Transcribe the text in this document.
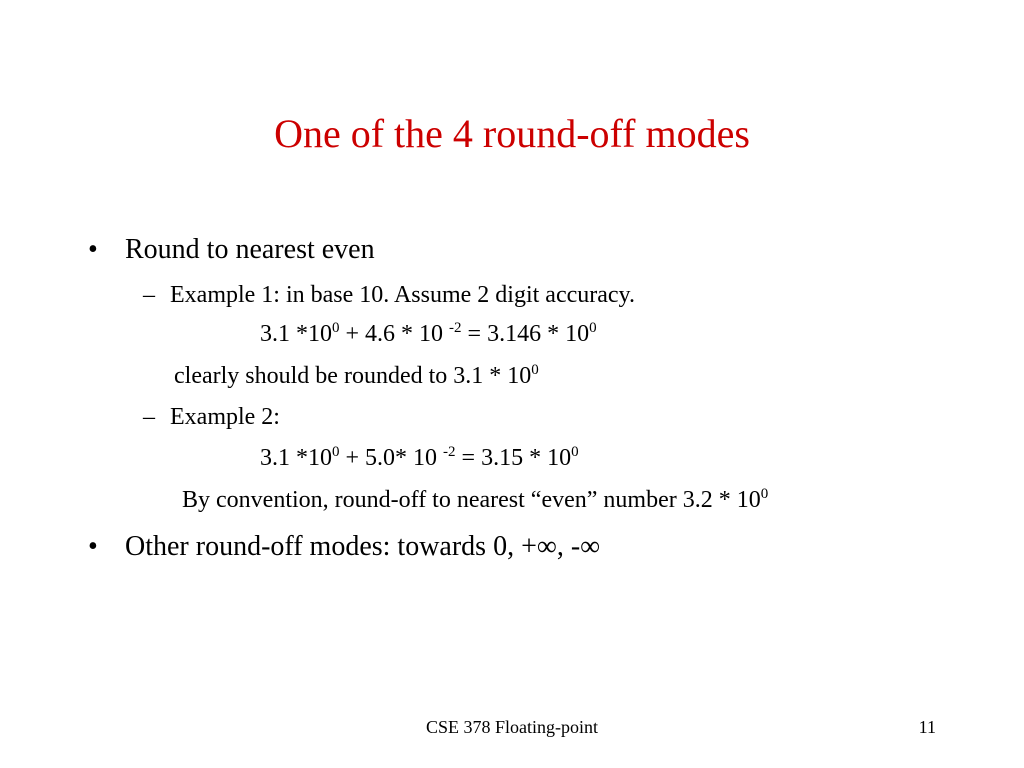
One of the 4 round-off modes
• Round to nearest even
– Example 1: in base 10. Assume 2 digit accuracy.
3.1 $*10^0 + 4.6 * 10$ $^{-2} = 3.146 * 10^0$
clearly should be rounded to $3.1 * 10^0$
– Example 2:
3.1 $*10^0 + 5.0*$ 10 $^{-2} = 3.15 * 10^0$
By convention, round-off to nearest “even” number $3.2 * 10^0$
• Other round-off modes: towards 0, +∞, -∞
CSE 378 Floating-point	11
